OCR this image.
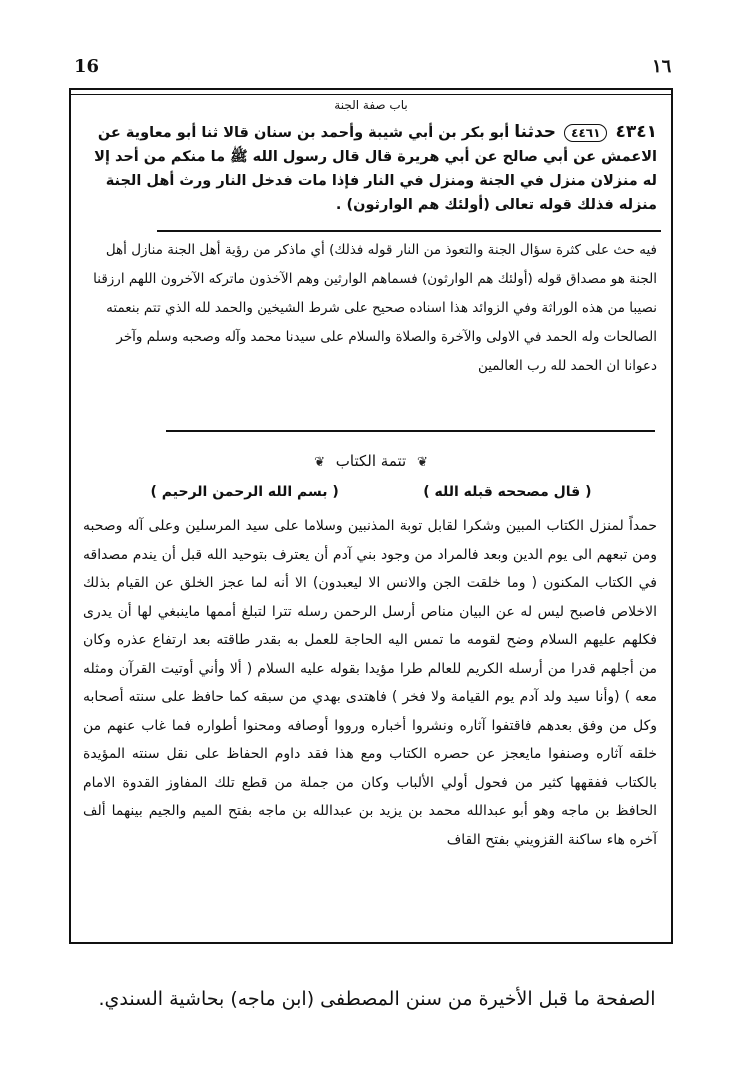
16	١٦
باب صفة الجنة
٤٣٤١ ٤٤٦١ حدثنا أبو بكر بن أبي شيبة وأحمد بن سنان قالا ثنا أبو معاوية عن الاعمش عن أبي صالح عن أبي هريرة قال قال رسول الله ﷺ ما منكم من أحد إلا له منزلان منزل في الجنة ومنزل في النار فإذا مات فدخل النار ورث أهل الجنة منزله فذلك قوله تعالى (أولئك هم الوارثون) .
فيه حث على كثرة سؤال الجنة والتعوذ من النار قوله فذلك) أي ماذكر من رؤية أهل الجنة منازل أهل الجنة هو مصداق قوله (أولئك هم الوارثون) فسماهم الوارثين وهم الآخذون ماتركه الآخرون اللهم ارزقنا نصيبا من هذه الوراثة وفي الزوائد هذا اسناده صحيح على شرط الشيخين والحمد لله الذي تتم بنعمته الصالحات وله الحمد في الاولى والآخرة والصلاة والسلام على سيدنا محمد وآله وصحبه وسلم وآخر دعوانا ان الحمد لله رب العالمين
❦ تتمة الكتاب ❦
( قال مصححه قبله الله ) ( بسم الله الرحمن الرحيم )
حمداً لمنزل الكتاب المبين وشكرا لقابل توبة المذنبين وسلاما على سيد المرسلين وعلى آله وصحبه ومن تبعهم الى يوم الدين وبعد فالمراد من وجود بني آدم أن يعترف بتوحيد الله قبل أن يندم مصداقه في الكتاب المكنون ( وما خلقت الجن والانس الا ليعبدون) الا أنه لما عجز الخلق عن القيام بذلك الاخلاص فاصبح ليس له عن البيان مناص أرسل الرحمن رسله تترا لتبلغ أممها ماينبغي لها أن يدرى فكلهم عليهم السلام وضح لقومه ما تمس اليه الحاجة للعمل به بقدر طاقته بعد ارتفاع عذره وكان من أجلهم قدرا من أرسله الكريم للعالم طرا مؤيدا بقوله عليه السلام ( ألا وأني أوتيت القرآن ومثله معه ) (وأنا سيد ولد آدم يوم القيامة ولا فخر ) فاهتدى بهدي من سبقه كما حافظ على سنته أصحابه وكل من وفق بعدهم فاقتفوا آثاره ونشروا أخباره ورووا أوصافه ومحنوا أطواره فما غاب عنهم من خلقه آثاره وصنفوا مايعجز عن حصره الكتاب ومع هذا فقد داوم الحفاظ على نقل سنته المؤيدة بالكتاب ففقهها كثير من فحول أولي الألباب وكان من جملة من قطع تلك المفاوز القدوة الامام الحافظ بن ماجه وهو أبو عبدالله محمد بن يزيد بن عبدالله بن ماجه بفتح الميم والجيم بينهما ألف آخره هاء ساكنة القزويني بفتح القاف
الصفحة ما قبل الأخيرة من سنن المصطفى (ابن ماجه) بحاشية السندي.
